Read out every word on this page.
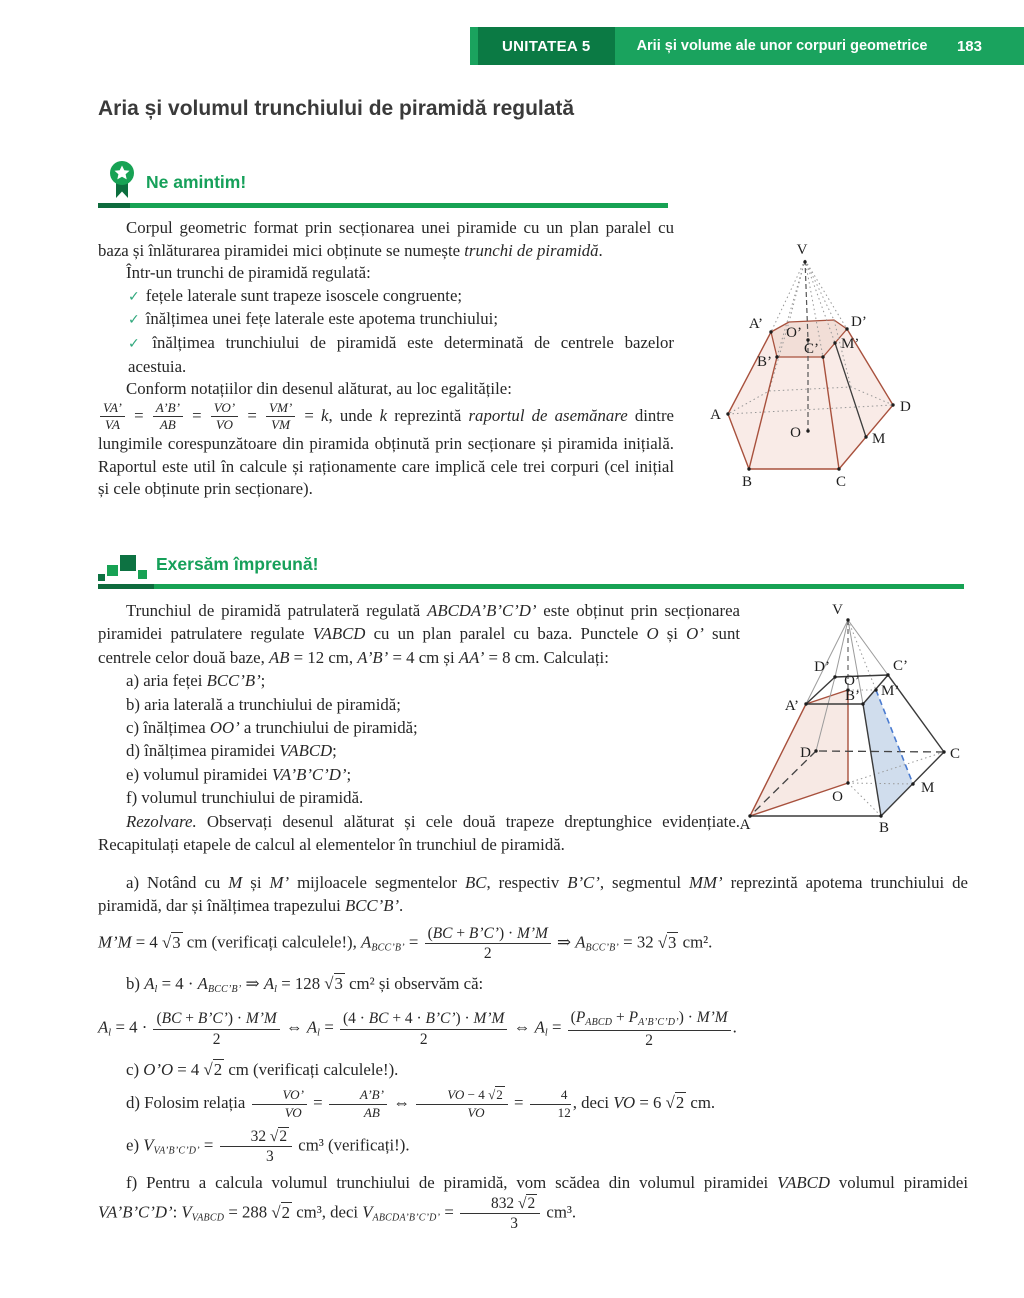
UNITATEA 5	Arii și volume ale unor corpuri geometrice 183
Aria și volumul trunchiului de piramidă regulată
Ne amintim!

Corpul geometric format prin secționarea unei piramide cu un plan paralel cu baza și înlăturarea piramidei mici obținute se numește trunchi de piramidă.

Într-un trunchi de piramidă regulată:

✓ fețele laterale sunt trapeze isoscele congruente;

✓ înălțimea unei fețe laterale este apotema trunchiului;

✓ înălțimea trunchiului de piramidă este determinată de centrele bazelor acestuia.

Conform notațiilor din desenul alăturat, au loc egalitățile:

$\frac{VA’}{VA} = \frac{A’B’}{AB} = \frac{VO’}{VO} = \frac{VM’}{VM} = k$, unde k reprezintă raportul de asemănare dintre lungimile corespunzătoare din piramida obținută prin secționare și piramida inițială. Raportul este util în calcule și raționamente care implică cele trei corpuri (cel inițial și cele obținute prin secționare).

V
A’	D’
O’
C’ M’
B’
A	D
O	M
B	C
Exersăm împreună!

Trunchiul de piramidă patrulateră regulată ABCDA’B’C’D’ este obținut prin secționarea piramidei patrulatere regulate VABCD cu un plan paralel cu baza. Punctele O și O’ sunt centrele celor două baze, AB = 12 cm, A’B’ = 4 cm și AA’ = 8 cm. Calculați:

a) aria feței BCC’B’;

b) aria laterală a trunchiului de piramidă;

c) înălțimea OO’ a trunchiului de piramidă;

d) înălțimea piramidei VABCD;

e) volumul piramidei VA’B’C’D’;

f) volumul trunchiului de piramidă.

Rezolvare. Observați desenul alăturat și cele două trapeze dreptunghice evidențiate. Recapitulați etapele de calcul al elementelor în trunchiul de piramidă.

V
D’	C’
O’
M’
A’
B’
D	C
O
M
A	B

a) Notând cu M și M’ mijloacele segmentelor BC, respectiv B’C’, segmentul MM’ reprezintă apotema trunchiului de piramidă, dar și înălțimea trapezului BCC’B’.

M’M = 4 √ 3 cm (verificați calculele!), ABCC’B’ = $\frac{(BC + B’C’) \cdot M’M}{2}$ ⇒ ABCC’B’ = 32 √ 3 cm².

b) Al = 4 · ABCC’B’ ⇒ Al = 128 √ 3 cm² și observăm că:

$Al = 4 \cdot \frac{(BC + B’C’) \cdot M’M}{2}$ ⇔ $Al = \frac{(4 \cdot BC + 4 \cdot B’C’) \cdot M’M}{2}$ ⇔ $Al = \frac{\text{(PABCD + PA’B’C’D’) · M’M}}{2}$ .

c) O’O = 4 √ 2 cm (verificați calculele!).

d) Folosim relația $\frac{VO’}{VO} = \frac{A’B’}{AB}$ ⇔ $\frac{VO - 4 √ 2}{VO} = \frac{4}{12}$ , deci VO = 6 √ 2 cm.

e) VVA’B’C’D’ = $\frac{32 √ 2}{3} cm^3$ (verificați!).

f) Pentru a calcula volumul trunchiului de piramidă, vom scădea din volumul piramidei VABCD volumul piramidei VA’B’C’D’: VVABCD = 288 √ 2 cm³, deci VABCDA’B’C’D’ = $\frac{832 √ 2}{3} cm^3$.
